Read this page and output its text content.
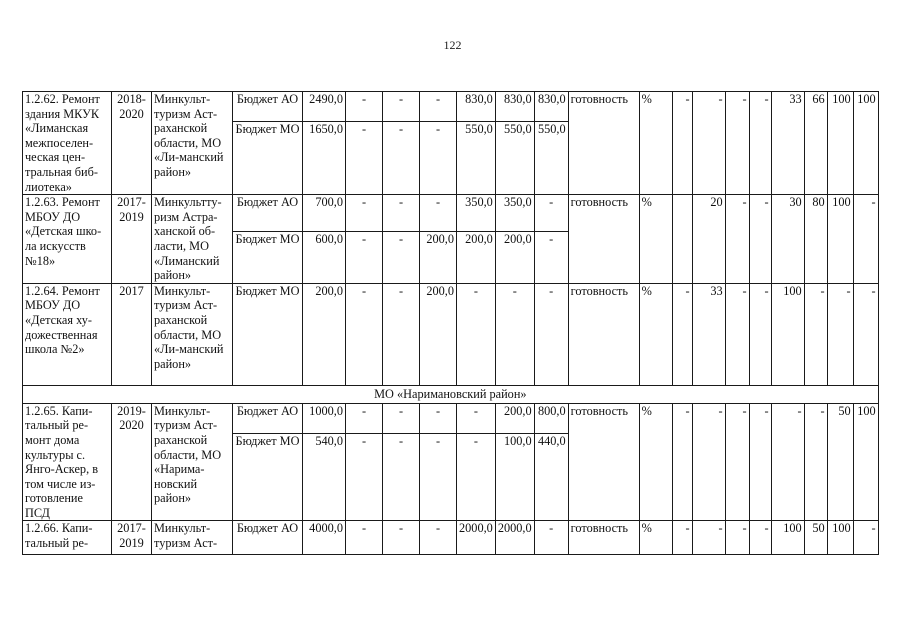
122
1.2.62. Ремонт здания МКУК «Лиманская межпоселен-ческая цен-тральная биб-лиотека»	2018-2020	Минкульт-туризм Аст-раханской области, МО «Ли-манский район»	Бюджет АО	2490,0	-	-	-	830,0	830,0	830,0	готовность	%	-	-	-	-	33	66	100	100
			Бюджет МО	1650,0	-	-	-	550,0	550,0	550,0										
1.2.63. Ремонт МБОУ ДО «Детская шко-ла искусств №18»	2017-2019	Минкультту-ризм Астра-ханской об-ласти, МО «Лиманский район»	Бюджет АО	700,0	-	-	-	350,0	350,0	-	готовность	%		20	-	-	30	80	100	-
			Бюджет МО	600,0	-	-	200,0	200,0	200,0	-										
1.2.64. Ремонт МБОУ ДО «Детская ху-дожественная школа №2»	2017	Минкульт-туризм Аст-раханской области, МО «Ли-манский район»	Бюджет МО	200,0	-	-	200,0	-	-	-	готовность	%	-	33	-	-	100	-	-	-
МО «Наримановский район»																				
1.2.65. Капи-тальный ре-монт дома культуры с. Янго-Аскер, в том числе из-готовление ПСД	2019-2020	Минкульт-туризм Аст-раханской области, МО «Нарима-новский район»	Бюджет АО	1000,0	-	-	-	-	200,0	800,0	готовность	%	-	-	-	-	-	-	50	100
			Бюджет МО	540,0	-	-	-	-	100,0	440,0										
1.2.66. Капи-тальный ре-	2017-2019	Минкульт-туризм Аст-	Бюджет АО	4000,0	-	-	-	2000,0	2000,0	-	готовность	%	-	-	-	-	100	50	100	-
